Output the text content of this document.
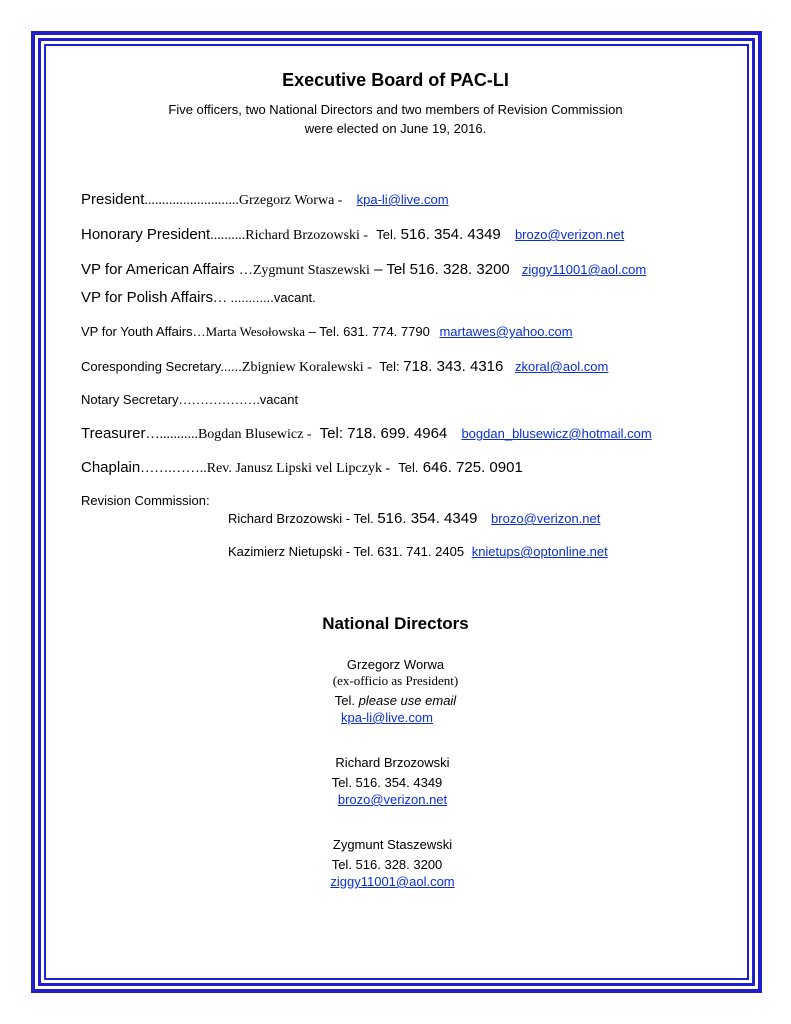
Executive Board of PAC-LI
Five officers, two National Directors and two members of Revision Commission
were elected on June 19, 2016.
President...........................Grzegorz Worwa - kpa-li@live.com
Honorary President..........Richard Brzozowski - Tel. 516. 354. 4349 brozo@verizon.net
VP for American Affairs …Zygmunt Staszewski – Tel 516. 328. 3200 ziggy11001@aol.com
VP for Polish Affairs… ............vacant.
VP for Youth Affairs…Marta Wesołowska – Tel. 631. 774. 7790 martawes@yahoo.com
Coresponding Secretary......Zbigniew Koralewski - Tel: 718. 343. 4316 zkoral@aol.com
Notary Secretary……………….vacant
Treasurer…...........Bogdan Blusewicz - Tel: 718. 699. 4964 bogdan_blusewicz@hotmail.com
Chaplain…….……..Rev. Janusz Lipski vel Lipczyk - Tel. 646. 725. 0901
Revision Commission:
Richard Brzozowski - Tel. 516. 354. 4349 brozo@verizon.net
Kazimierz Nietupski - Tel. 631. 741. 2405 knietups@optonline.net
National Directors
Grzegorz Worwa
(ex-officio as President)
Tel. please use email
kpa-li@live.com
Richard Brzozowski
Tel. 516. 354. 4349
brozo@verizon.net
Zygmunt Staszewski
Tel. 516. 328. 3200
ziggy11001@aol.com
